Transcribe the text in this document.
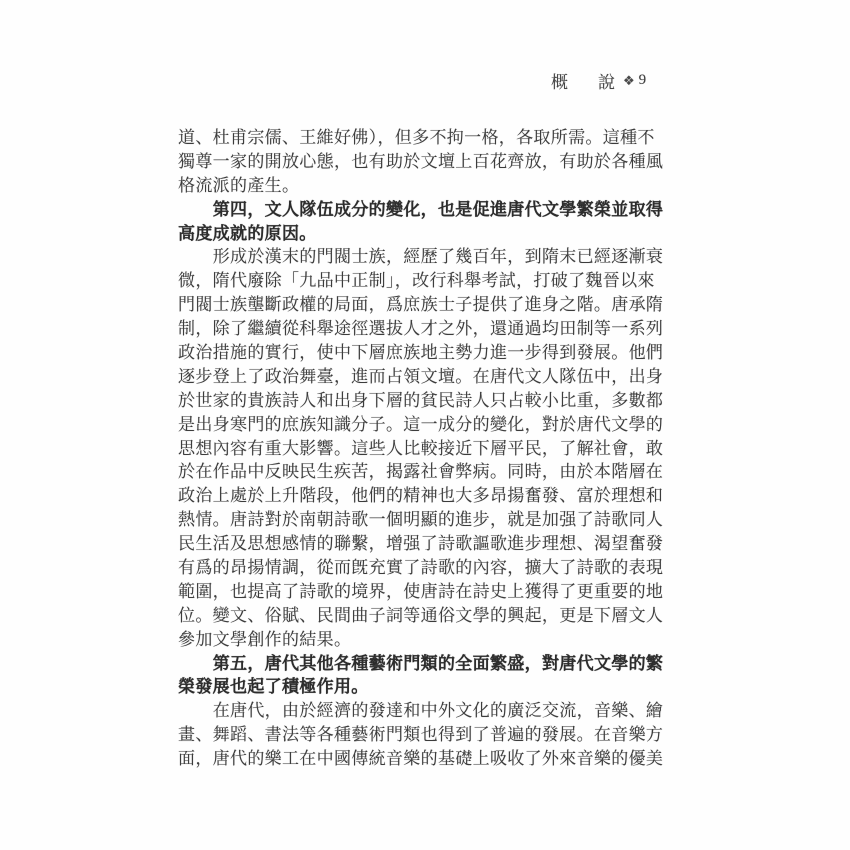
概 說 ❖ 9
道、杜甫宗儒、王維好佛），但多不拘一格，各取所需。這種不
獨尊一家的開放心態，也有助於文壇上百花齊放，有助於各種風
格流派的產生。
第四，文人隊伍成分的變化，也是促進唐代文學繁榮並取得
高度成就的原因。
形成於漢末的門閥士族，經歷了幾百年，到隋末已經逐漸衰
微，隋代廢除「九品中正制」，改行科舉考試，打破了魏晉以來
門閥士族壟斷政權的局面，爲庶族士子提供了進身之階。唐承隋
制，除了繼續從科舉途徑選拔人才之外，還通過均田制等一系列
政治措施的實行，使中下層庶族地主勢力進一步得到發展。他們
逐步登上了政治舞臺，進而占領文壇。在唐代文人隊伍中，出身
於世家的貴族詩人和出身下層的貧民詩人只占較小比重，多數都
是出身寒門的庶族知識分子。這一成分的變化，對於唐代文學的
思想內容有重大影響。這些人比較接近下層平民，了解社會，敢
於在作品中反映民生疾苦，揭露社會弊病。同時，由於本階層在
政治上處於上升階段，他們的精神也大多昂揚奮發、富於理想和
熱情。唐詩對於南朝詩歌一個明顯的進步，就是加强了詩歌同人
民生活及思想感情的聯繫，增强了詩歌謳歌進步理想、渴望奮發
有爲的昂揚情調，從而旣充實了詩歌的內容，擴大了詩歌的表現
範圍，也提高了詩歌的境界，使唐詩在詩史上獲得了更重要的地
位。變文、俗賦、民間曲子詞等通俗文學的興起，更是下層文人
參加文學創作的結果。
第五，唐代其他各種藝術門類的全面繁盛，對唐代文學的繁
榮發展也起了積極作用。
在唐代，由於經濟的發達和中外文化的廣泛交流，音樂、繪
畫、舞蹈、書法等各種藝術門類也得到了普遍的發展。在音樂方
面，唐代的樂工在中國傳統音樂的基礎上吸收了外來音樂的優美
